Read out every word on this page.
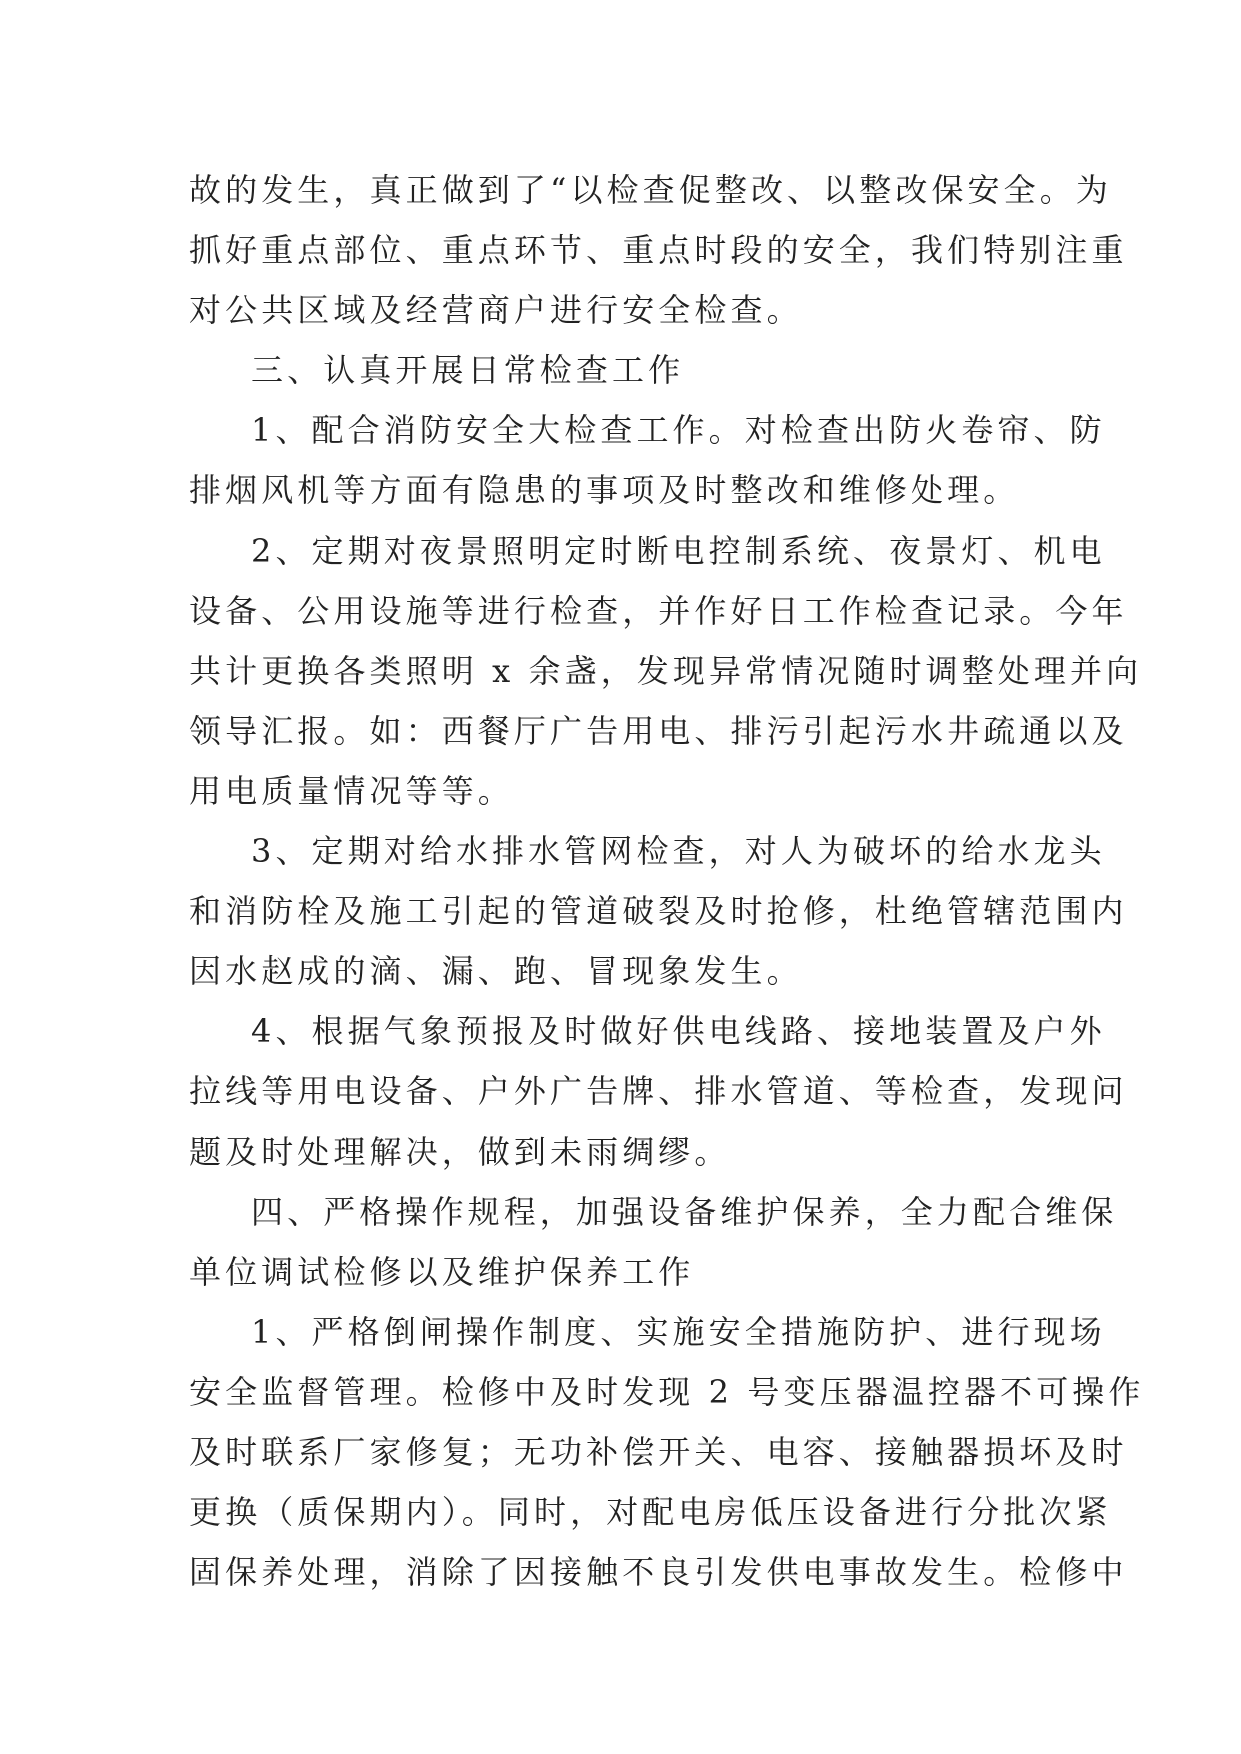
故的发生，真正做到了“以检查促整改、以整改保安全。为
抓好重点部位、重点环节、重点时段的安全，我们特别注重
对公共区域及经营商户进行安全检查。
三、认真开展日常检查工作
1、配合消防安全大检查工作。对检查出防火卷帘、防
排烟风机等方面有隐患的事项及时整改和维修处理。
2、定期对夜景照明定时断电控制系统、夜景灯、机电
设备、公用设施等进行检查，并作好日工作检查记录。今年
共计更换各类照明 x 余盏，发现异常情况随时调整处理并向
领导汇报。如：西餐厅广告用电、排污引起污水井疏通以及
用电质量情况等等。
3、定期对给水排水管网检查，对人为破坏的给水龙头
和消防栓及施工引起的管道破裂及时抢修，杜绝管辖范围内
因水赵成的滴、漏、跑、冒现象发生。
4、根据气象预报及时做好供电线路、接地装置及户外
拉线等用电设备、户外广告牌、排水管道、等检查，发现问
题及时处理解决，做到未雨绸缪。
四、严格操作规程，加强设备维护保养，全力配合维保
单位调试检修以及维护保养工作
1、严格倒闸操作制度、实施安全措施防护、进行现场
安全监督管理。检修中及时发现 2 号变压器温控器不可操作
及时联系厂家修复；无功补偿开关、电容、接触器损坏及时
更换（质保期内）。同时，对配电房低压设备进行分批次紧
固保养处理，消除了因接触不良引发供电事故发生。检修中
